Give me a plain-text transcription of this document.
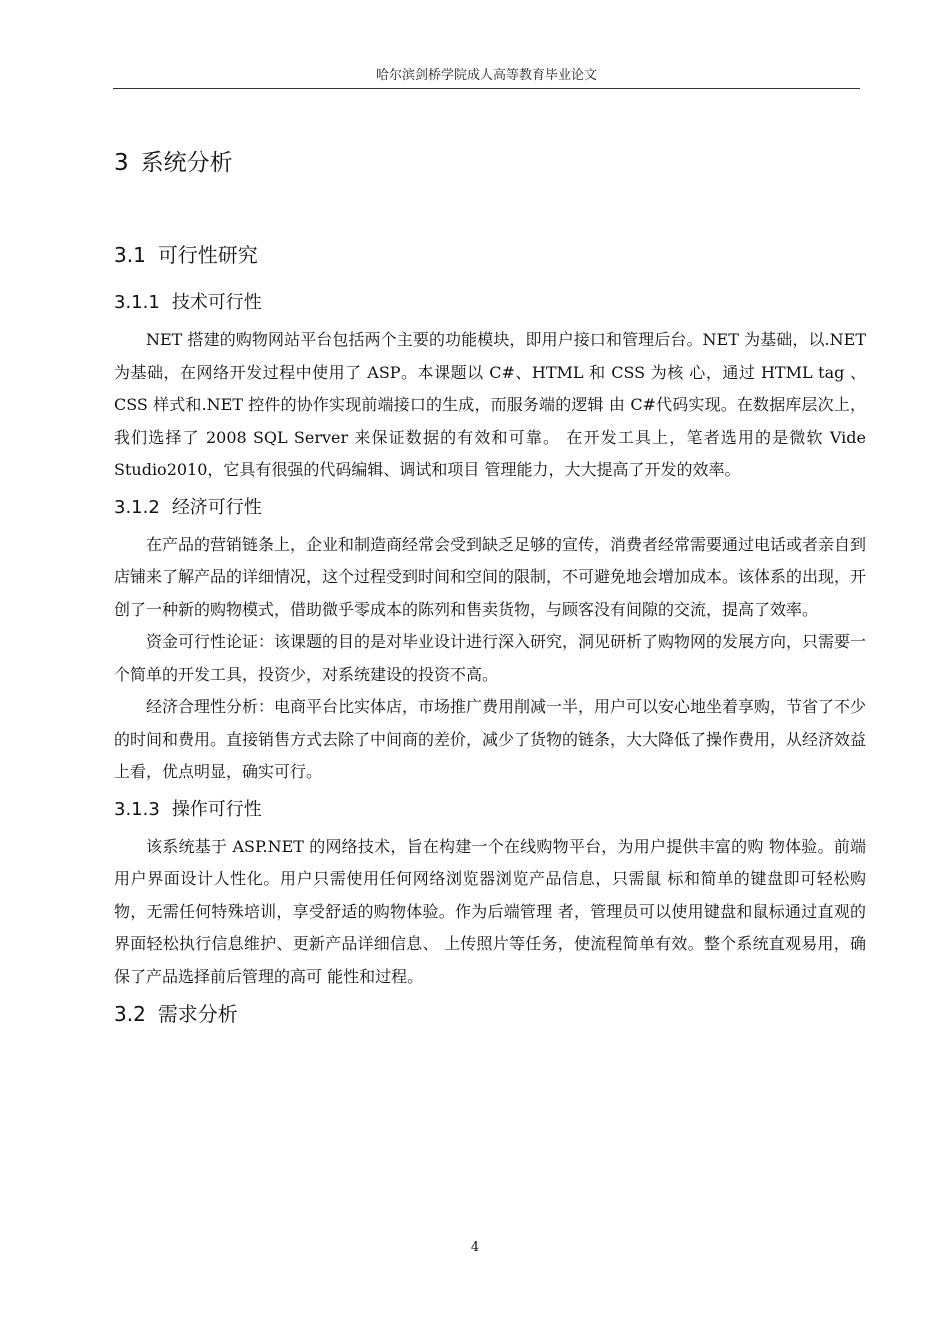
哈尔滨剑桥学院成人高等教育毕业论文
3 系统分析
3.1 可行性研究
3.1.1 技术可行性

NET 搭建的购物网站平台包括两个主要的功能模块，即用户接口和管理后台。NET 为基础，以.NET 为基础，在网络开发过程中使用了 ASP。本课题以 C#、HTML 和 CSS 为核 心，通过 HTML tag 、CSS 样式和.NET 控件的协作实现前端接口的生成，而服务端的逻辑 由 C#代码实现。在数据库层次上，我们选择了 2008 SQL Server 来保证数据的有效和可靠。 在开发工具上，笔者选用的是微软 Vide Studio2010，它具有很强的代码编辑、调试和项目 管理能力，大大提高了开发的效率。

3.1.2 经济可行性

在产品的营销链条上，企业和制造商经常会受到缺乏足够的宣传，消费者经常需要通过电话或者亲自到店铺来了解产品的详细情况，这个过程受到时间和空间的限制，不可避免地会增加成本。该体系的出现，开创了一种新的购物模式，借助微乎零成本的陈列和售卖货物，与顾客没有间隙的交流，提高了效率。

资金可行性论证：该课题的目的是对毕业设计进行深入研究，洞见研析了购物网的发展方向，只需要一个简单的开发工具，投资少，对系统建设的投资不高。

经济合理性分析：电商平台比实体店，市场推广费用削减一半，用户可以安心地坐着享购，节省了不少的时间和费用。直接销售方式去除了中间商的差价，减少了货物的链条，大大降低了操作费用，从经济效益上看，优点明显，确实可行。

3.1.3 操作可行性

该系统基于 ASP.NET 的网络技术，旨在构建一个在线购物平台，为用户提供丰富的购 物体验。前端用户界面设计人性化。用户只需使用任何网络浏览器浏览产品信息，只需鼠 标和简单的键盘即可轻松购物，无需任何特殊培训，享受舒适的购物体验。作为后端管理 者，管理员可以使用键盘和鼠标通过直观的界面轻松执行信息维护、更新产品详细信息、 上传照片等任务，使流程简单有效。整个系统直观易用，确保了产品选择前后管理的高可 能性和过程。

3.2 需求分析
4
